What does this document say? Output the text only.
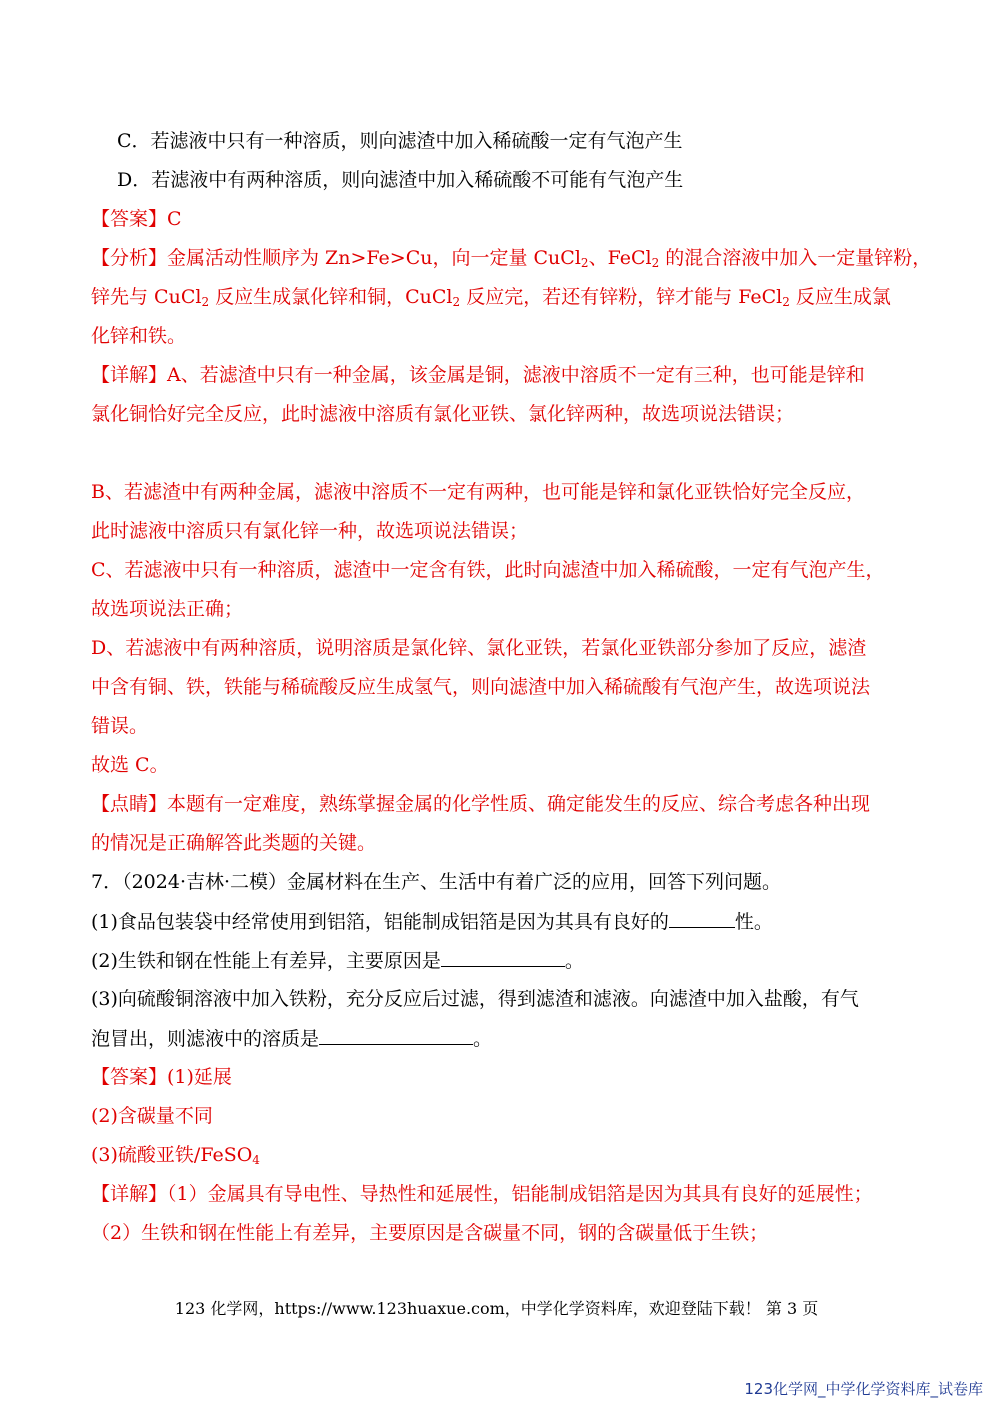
C．若滤液中只有一种溶质，则向滤渣中加入稀硫酸一定有气泡产生
D．若滤液中有两种溶质，则向滤渣中加入稀硫酸不可能有气泡产生
【答案】C
【分析】金属活动性顺序为 Zn>Fe>Cu，向一定量 CuCl$_2$、FeCl$_2$ 的混合溶液中加入一定量锌粉，
锌先与 CuCl$_2$ 反应生成氯化锌和铜，CuCl$_2$ 反应完，若还有锌粉，锌才能与 FeCl$_2$ 反应生成氯
化锌和铁。
【详解】A、若滤渣中只有一种金属，该金属是铜，滤液中溶质不一定有三种，也可能是锌和
氯化铜恰好完全反应，此时滤液中溶质有氯化亚铁、氯化锌两种，故选项说法错误；
B、若滤渣中有两种金属，滤液中溶质不一定有两种，也可能是锌和氯化亚铁恰好完全反应，
此时滤液中溶质只有氯化锌一种，故选项说法错误；
C、若滤液中只有一种溶质，滤渣中一定含有铁，此时向滤渣中加入稀硫酸，一定有气泡产生，
故选项说法正确；
D、若滤液中有两种溶质，说明溶质是氯化锌、氯化亚铁，若氯化亚铁部分参加了反应，滤渣
中含有铜、铁，铁能与稀硫酸反应生成氢气，则向滤渣中加入稀硫酸有气泡产生，故选项说法
错误。
故选 C。
【点睛】本题有一定难度，熟练掌握金属的化学性质、确定能发生的反应、综合考虑各种出现
的情况是正确解答此类题的关键。
7．（2024·吉林·二模）金属材料在生产、生活中有着广泛的应用，回答下列问题。
(1)食品包装袋中经常使用到铝箔，铝能制成铝箔是因为其具有良好的	性。
(2)生铁和钢在性能上有差异，主要原因是	。
(3)向硫酸铜溶液中加入铁粉，充分反应后过滤，得到滤渣和滤液。向滤渣中加入盐酸，有气
泡冒出，则滤液中的溶质是	。
【答案】(1)延展
(2)含碳量不同
(3)硫酸亚铁/FeSO$_4$
【详解】（1）金属具有导电性、导热性和延展性，铝能制成铝箔是因为其具有良好的延展性；
（2）生铁和钢在性能上有差异，主要原因是含碳量不同，钢的含碳量低于生铁；
123 化学网，https://www.123huaxue.com，中学化学资料库，欢迎登陆下载！ 第 3 页
123化学网_中学化学资料库_试卷库
